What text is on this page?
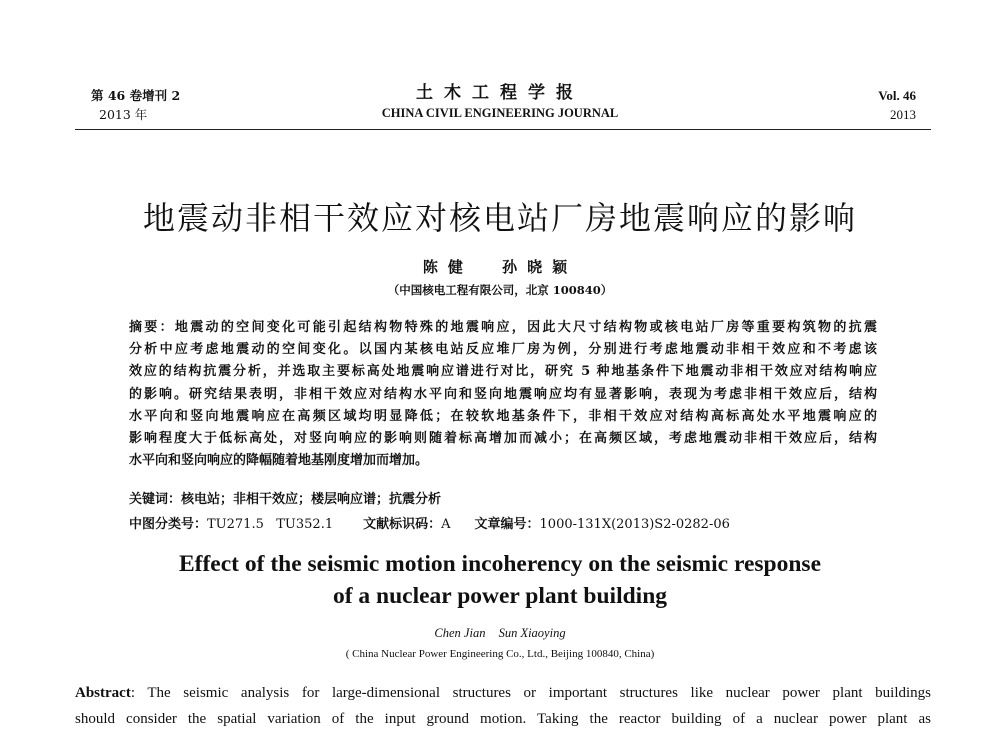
第 46 卷增刊 2
2013 年
土木工程学报
CHINA CIVIL ENGINEERING JOURNAL
Vol. 46
2013
地震动非相干效应对核电站厂房地震响应的影响
陈健 孙晓颖
（中国核电工程有限公司，北京 100840）
摘要：地震动的空间变化可能引起结构物特殊的地震响应，因此大尺寸结构物或核电站厂房等重要构筑物的抗震
分析中应考虑地震动的空间变化。以国内某核电站反应堆厂房为例，分别进行考虑地震动非相干效应和不考虑该
效应的结构抗震分析，并选取主要标高处地震响应谱进行对比，研究 5 种地基条件下地震动非相干效应对结构响应
的影响。研究结果表明，非相干效应对结构水平向和竖向地震响应均有显著影响，表现为考虑非相干效应后，结构
水平向和竖向地震响应在高频区域均明显降低；在较软地基条件下，非相干效应对结构高标高处水平地震响应的
影响程度大于低标高处，对竖向响应的影响则随着标高增加而减小；在高频区域，考虑地震动非相干效应后，结构
水平向和竖向响应的降幅随着地基刚度增加而增加。
关键词：核电站；非相干效应；楼层响应谱；抗震分析
中图分类号：TU271.5   TU352.1 文献标识码：A 文章编号：1000-131X(2013)S2-0282-06
Effect of the seismic motion incoherency on the seismic response
of a nuclear power plant building
Chen Jian Sun Xiaoying
( China Nuclear Power Engineering Co., Ltd., Beijing 100840, China)
Abstract: The seismic analysis for large-dimensional structures or important structures like nuclear power plant buildings
should consider the spatial variation of the input ground motion. Taking the reactor building of a nuclear power plant as
